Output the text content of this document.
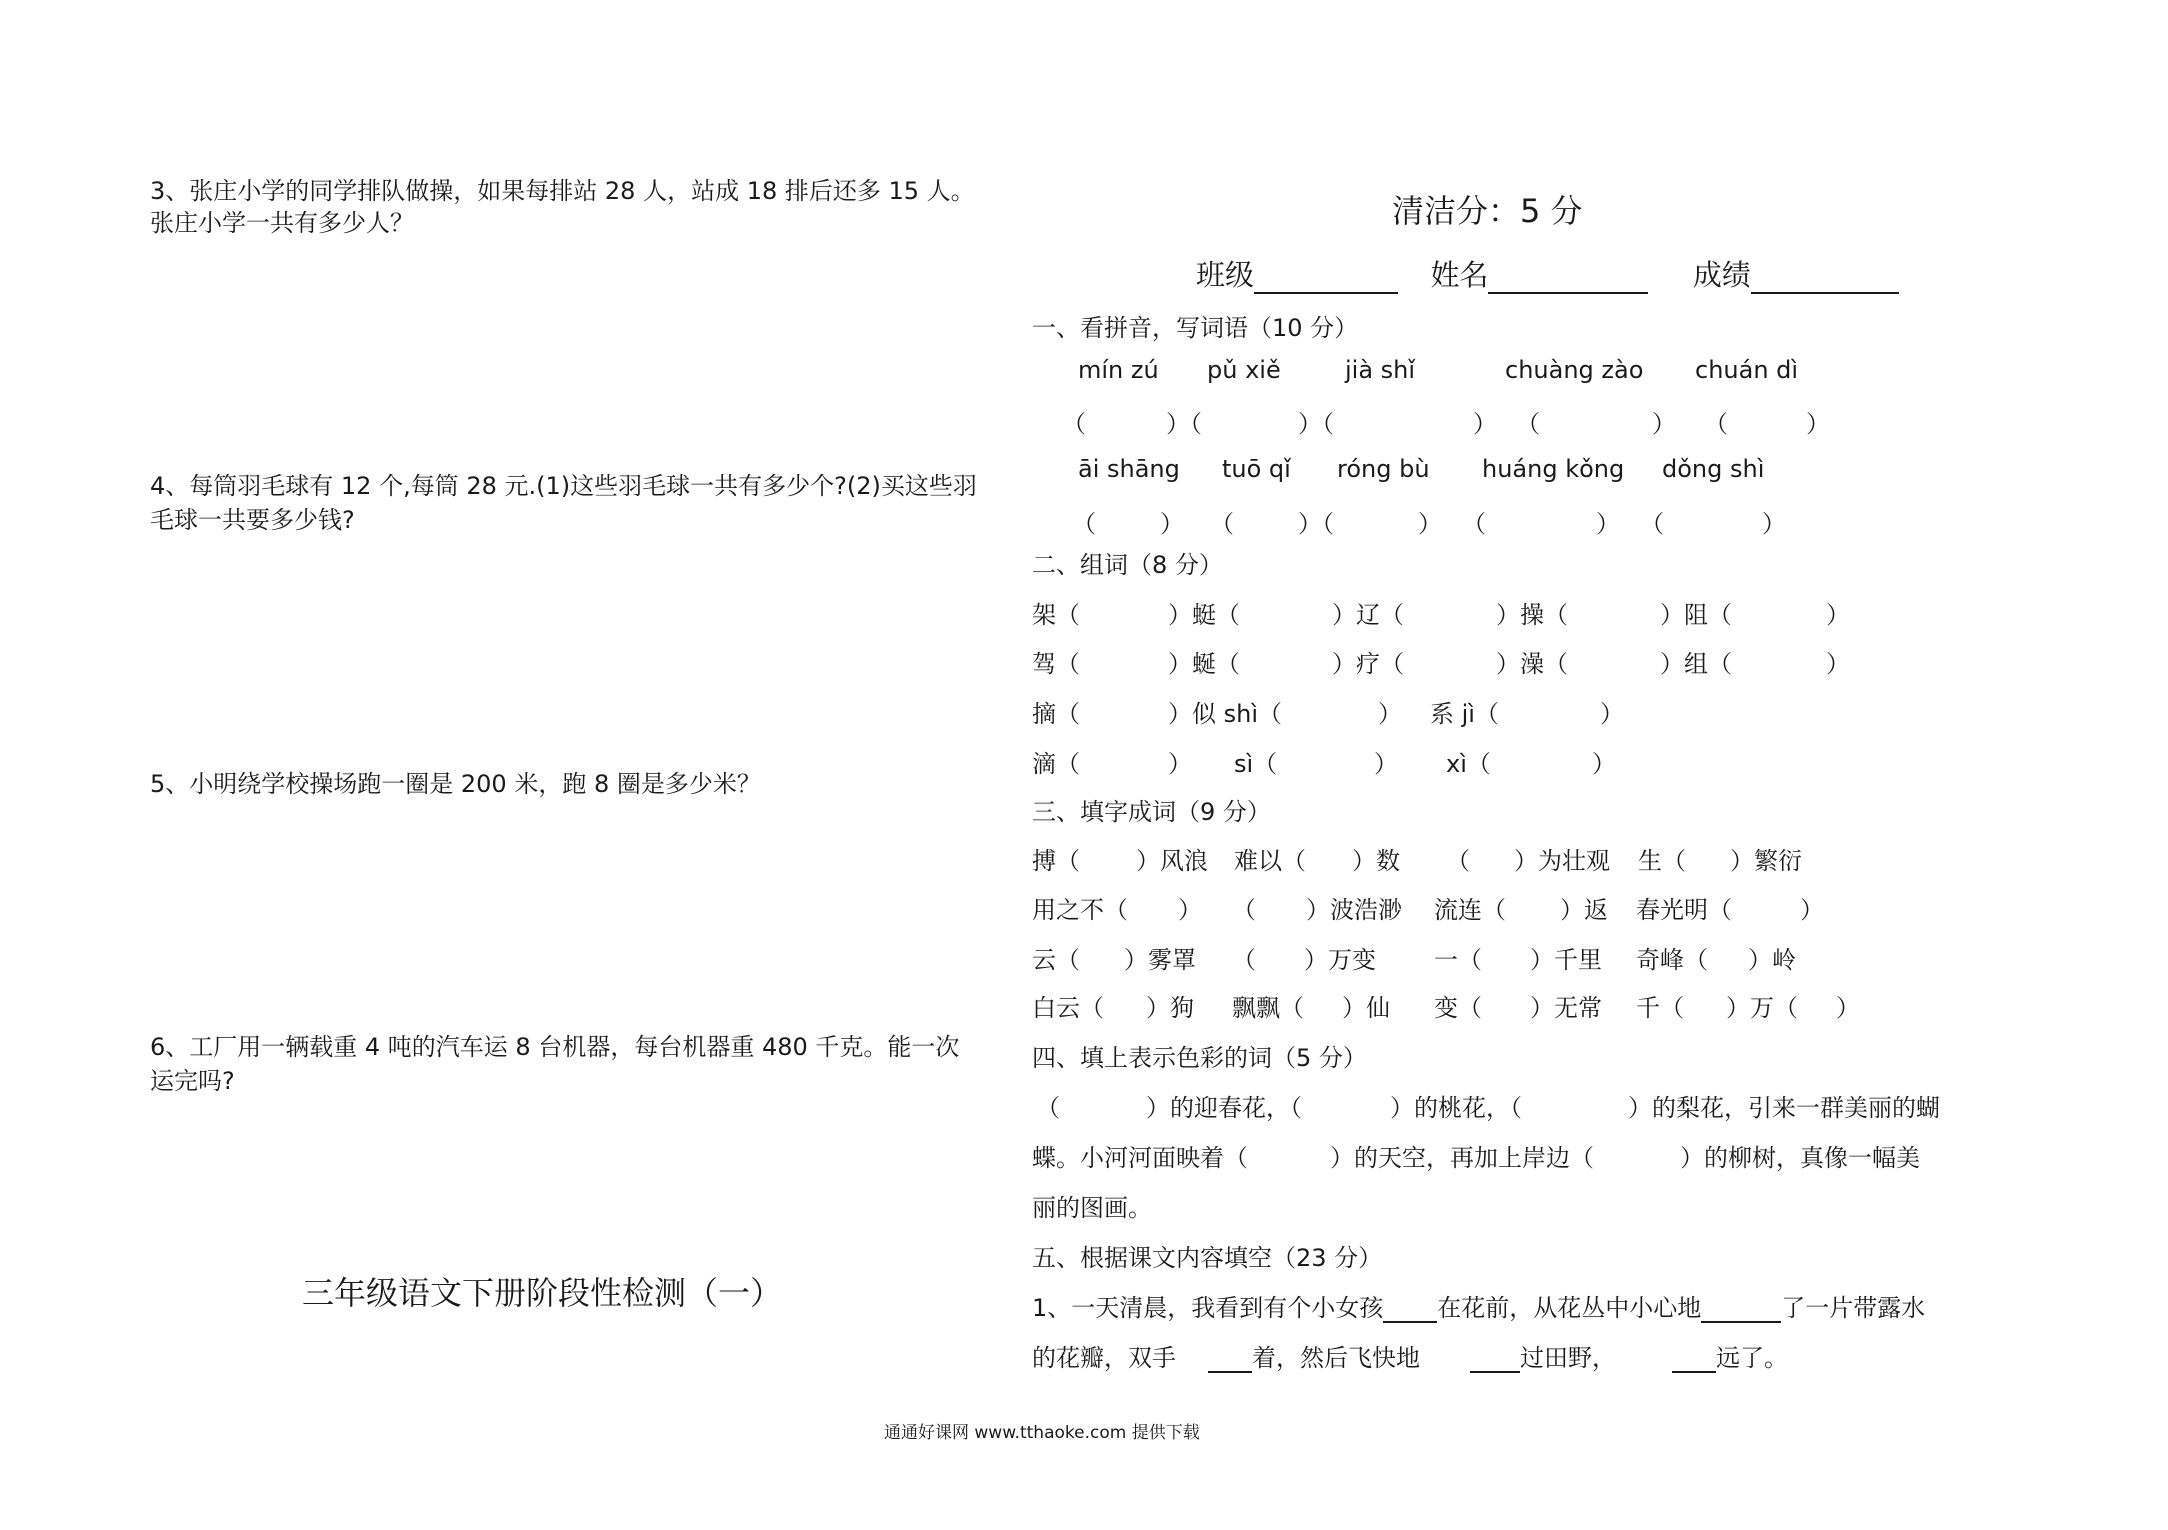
3、张庄小学的同学排队做操，如果每排站 28 人，站成 18 排后还多 15 人。
张庄小学一共有多少人？
4、每筒羽毛球有 12 个,每筒 28 元.(1)这些羽毛球一共有多少个?(2)买这些羽
毛球一共要多少钱?
5、小明绕学校操场跑一圈是 200 米，跑 8 圈是多少米？
6、工厂用一辆载重 4 吨的汽车运 8 台机器，每台机器重 480 千克。能一次
运完吗?
三年级语文下册阶段性检测（一）
清洁分：5 分
班级	姓名	成绩
一、看拼音，写词语（10 分）
mín zú pǔ xiě	jià shǐ	chuàng zào chuán dì
（	）（	）（	） （	） （	）
āi shāng tuō qǐ róng bù huáng kǒng dǒng shì
（	） （	）（	） （	） （	）
二、组词（8 分）
架（	）蜓（	）辽（	）操（	）阻（	）
驾（	）蜒（	）疗（	）澡（	）组（	）
摘（	）似 shì（	） 系 jì（	）
滴（	） sì（	） xì（	）
三、填字成词（9 分）
搏（ ）风浪 难以（ ）数 （ ）为壮观 生（ ）繁衍
用之不（ ） （ ）波浩渺 流连（ ）返 春光明（	）
云（ ）雾罩 （ ）万变 一（ ）千里 奇峰（ ）岭
白云（ ）狗 飘飘（ ）仙 变（ ）无常 千（ ）万（ ）
四、填上表示色彩的词（5 分）
（	）的迎春花，（	）的桃花，（	）的梨花，引来一群美丽的蝴
蝶。小河河面映着（	）的天空，再加上岸边（	）的柳树，真像一幅美
丽的图画。
五、根据课文内容填空（23 分）
1、一天清晨，我看到有个小女孩 在花前，从花丛中小心地	了一片带露水
的花瓣，双手	着，然后飞快地	过田野，	远了。
通通好课网 www.tthaoke.com 提供下载
